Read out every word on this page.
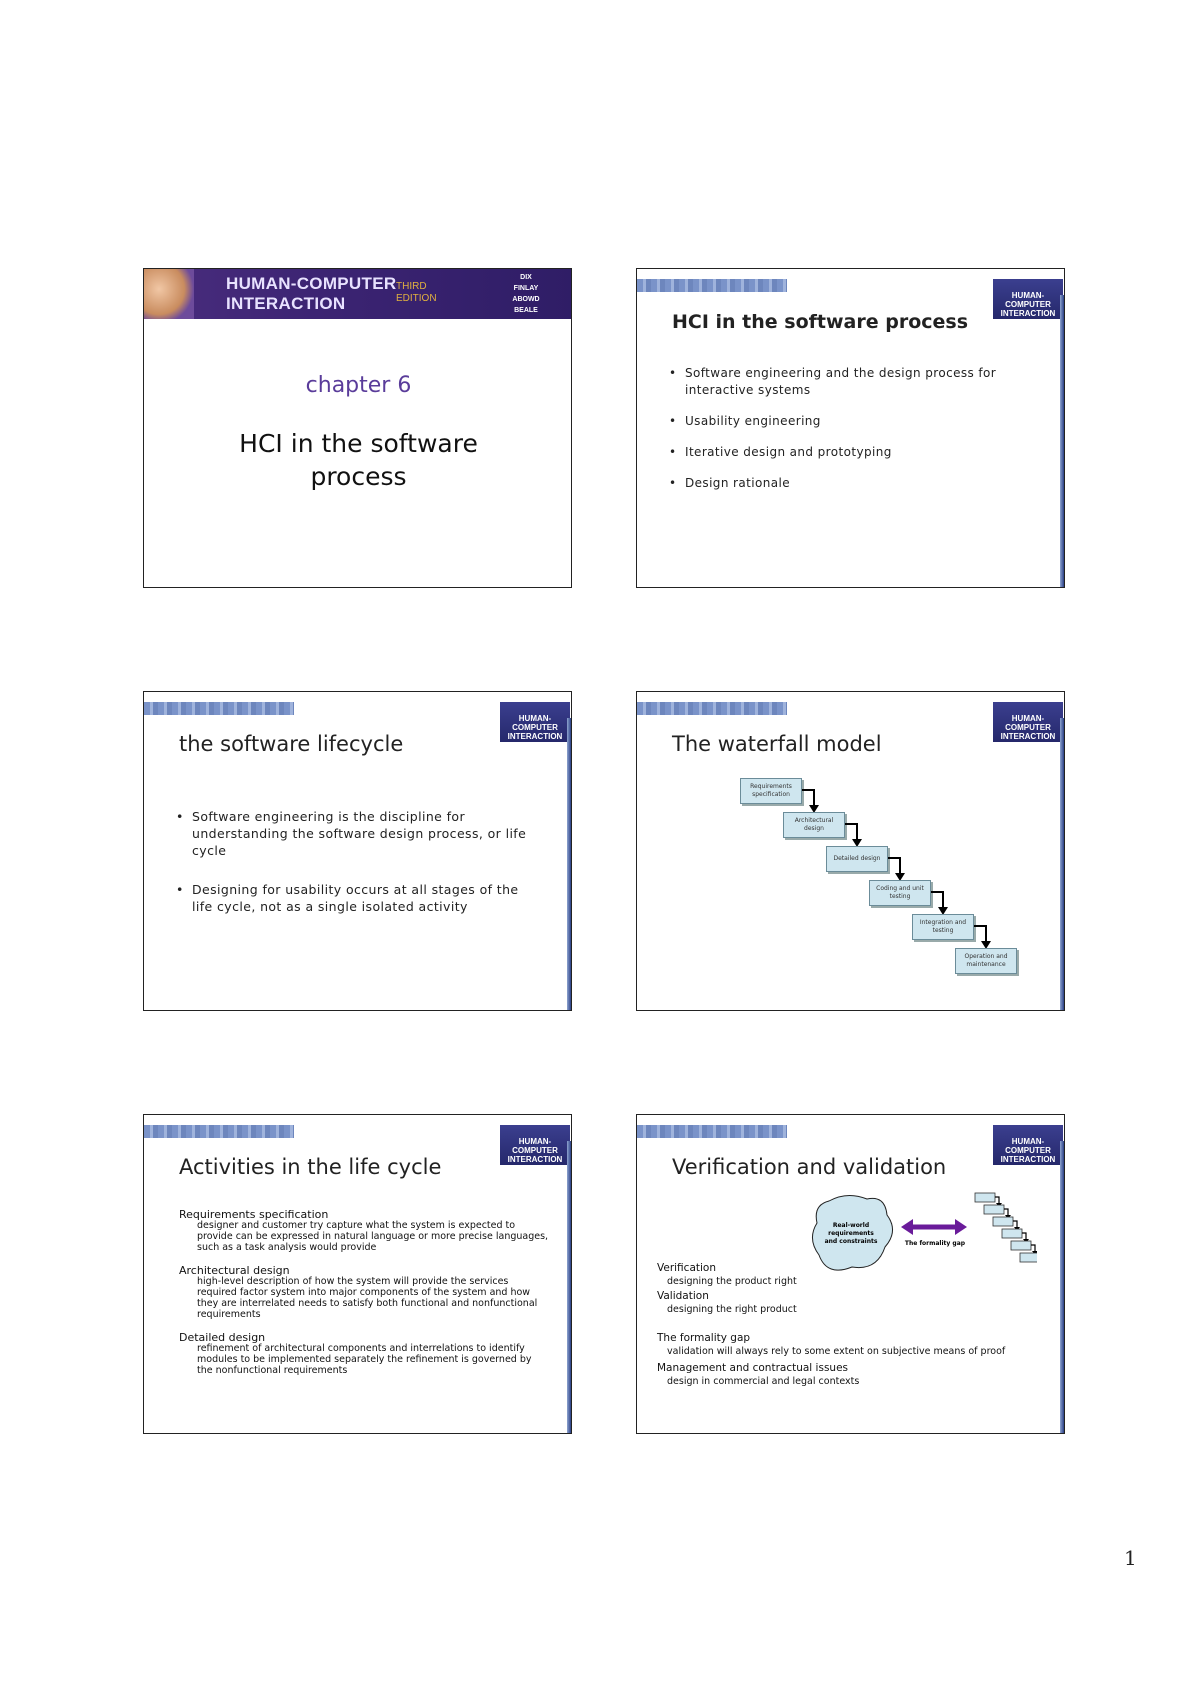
HUMAN-COMPUTER
INTERACTION
THIRD
EDITION
DIX
FINLAY
ABOWD
BEALE
chapter 6
HCI in the software
process
HUMAN-COMPUTER
INTERACTION
HCI in the software process
• Software engineering and the design process for interactive systems
• Usability engineering
• Iterative design and prototyping
• Design rationale
HUMAN-COMPUTER
INTERACTION
the software lifecycle
• Software engineering is the discipline for understanding the software design process, or life cycle
• Designing for usability occurs at all stages of the life cycle, not as a single isolated activity
HUMAN-COMPUTER
INTERACTION
The waterfall model
Requirements specification
Architectural design
Detailed design
Coding and unit testing
Integration and testing
Operation and maintenance
HUMAN-COMPUTER
INTERACTION
Activities in the life cycle
Requirements specification
designer and customer try capture what the system is expected to provide can be expressed in natural language or more precise languages, such as a task analysis would provide
Architectural design
high-level description of how the system will provide the services required factor system into major components of the system and how they are interrelated needs to satisfy both functional and nonfunctional requirements
Detailed design
refinement of architectural components and interrelations to identify modules to be implemented separately the refinement is governed by the nonfunctional requirements
HUMAN-COMPUTER
INTERACTION
Verification and validation
Real-world requirements and constraints	The formality gap
Verification
designing the product right
Validation
designing the right product
The formality gap
validation will always rely to some extent on subjective means of proof
Management and contractual issues
design in commercial and legal contexts
1
